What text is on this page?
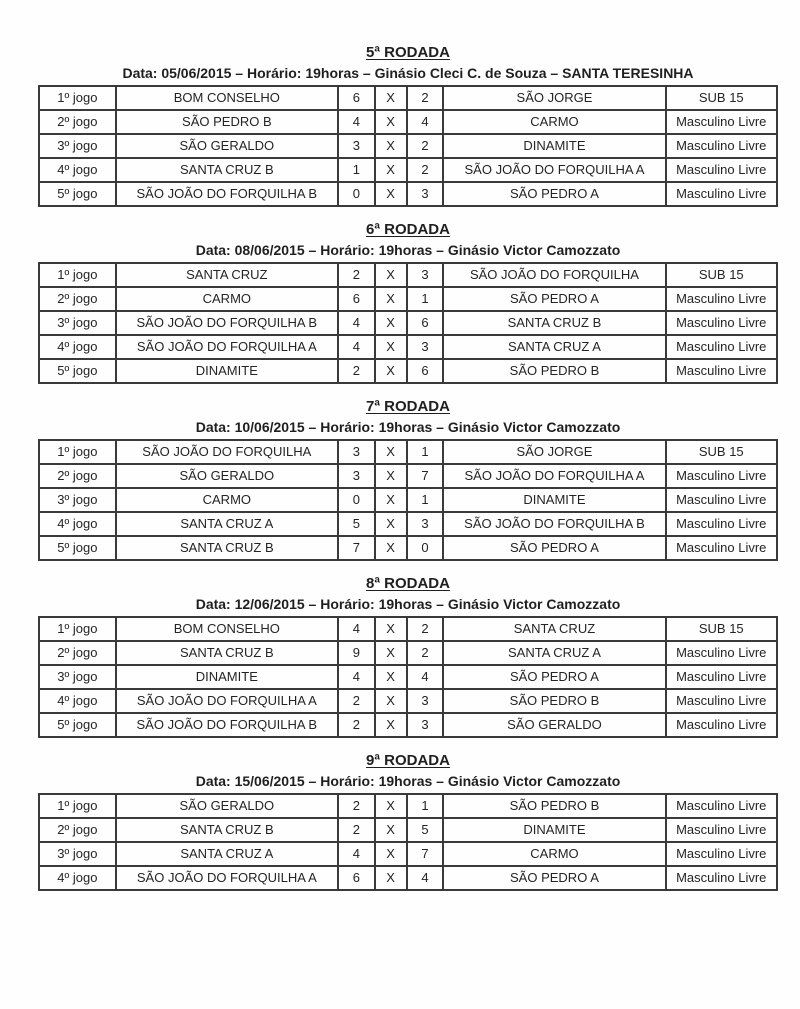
5ª RODADA

Data: 05/06/2015 – Horário: 19horas – Ginásio Cleci C. de Souza – SANTA TERESINHA

1º jogo	BOM CONSELHO	6	X	2	SÃO JORGE	SUB 15
2º jogo	SÃO PEDRO B	4	X	4	CARMO	Masculino Livre
3º jogo	SÃO GERALDO	3	X	2	DINAMITE	Masculino Livre
4º jogo	SANTA CRUZ B	1	X	2	SÃO JOÃO DO FORQUILHA A	Masculino Livre
5º jogo	SÃO JOÃO DO FORQUILHA B	0	X	3	SÃO PEDRO A	Masculino Livre
6ª RODADA

Data: 08/06/2015 – Horário: 19horas – Ginásio Victor Camozzato

1º jogo	SANTA CRUZ	2	X	3	SÃO JOÃO DO FORQUILHA	SUB 15
2º jogo	CARMO	6	X	1	SÃO PEDRO A	Masculino Livre
3º jogo	SÃO JOÃO DO FORQUILHA B	4	X	6	SANTA CRUZ B	Masculino Livre
4º jogo	SÃO JOÃO DO FORQUILHA A	4	X	3	SANTA CRUZ A	Masculino Livre
5º jogo	DINAMITE	2	X	6	SÃO PEDRO B	Masculino Livre
7ª RODADA

Data: 10/06/2015 – Horário: 19horas – Ginásio Victor Camozzato

1º jogo	SÃO JOÃO DO FORQUILHA	3	X	1	SÃO JORGE	SUB 15
2º jogo	SÃO GERALDO	3	X	7	SÃO JOÃO DO FORQUILHA A	Masculino Livre
3º jogo	CARMO	0	X	1	DINAMITE	Masculino Livre
4º jogo	SANTA CRUZ A	5	X	3	SÃO JOÃO DO FORQUILHA B	Masculino Livre
5º jogo	SANTA CRUZ B	7	X	0	SÃO PEDRO A	Masculino Livre
8ª RODADA

Data: 12/06/2015 – Horário: 19horas – Ginásio Victor Camozzato

1º jogo	BOM CONSELHO	4	X	2	SANTA CRUZ	SUB 15
2º jogo	SANTA CRUZ B	9	X	2	SANTA CRUZ A	Masculino Livre
3º jogo	DINAMITE	4	X	4	SÃO PEDRO A	Masculino Livre
4º jogo	SÃO JOÃO DO FORQUILHA A	2	X	3	SÃO PEDRO B	Masculino Livre
5º jogo	SÃO JOÃO DO FORQUILHA B	2	X	3	SÃO GERALDO	Masculino Livre
9ª RODADA

Data: 15/06/2015 – Horário: 19horas – Ginásio Victor Camozzato

1º jogo	SÃO GERALDO	2	X	1	SÃO PEDRO B	Masculino Livre
2º jogo	SANTA CRUZ B	2	X	5	DINAMITE	Masculino Livre
3º jogo	SANTA CRUZ A	4	X	7	CARMO	Masculino Livre
4º jogo	SÃO JOÃO DO FORQUILHA A	6	X	4	SÃO PEDRO A	Masculino Livre
